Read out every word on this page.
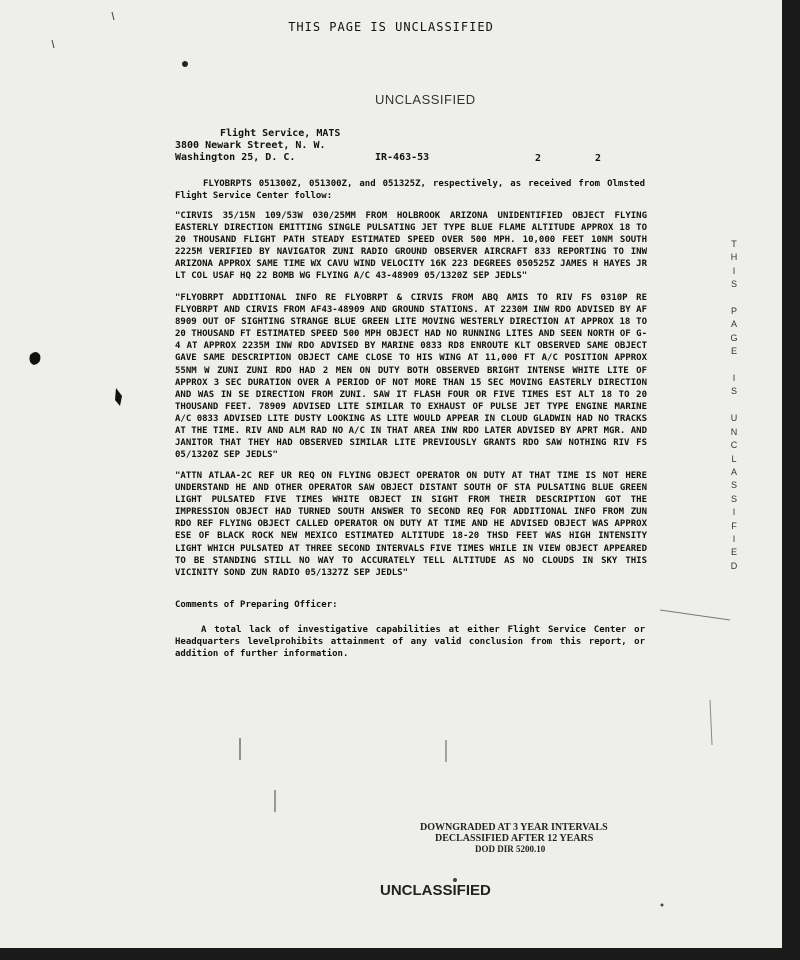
THIS PAGE IS UNCLASSIFIED
UNCLASSIFIED
Flight Service, MATS
3800 Newark Street, N. W.
Washington 25, D. C.	IR-463-53	2	2
FLYOBRPTS 051300Z, 051300Z, and 051325Z, respectively, as received from Olmsted Flight Service Center follow:
"CIRVIS 35/15N 109/53W 030/25MM FROM HOLBROOK ARIZONA UNIDENTIFIED OBJECT FLYING EASTERLY DIRECTION EMITTING SINGLE PULSATING JET TYPE BLUE FLAME ALTITUDE APPROX 18 TO 20 THOUSAND FLIGHT PATH STEADY ESTIMATED SPEED OVER 500 MPH. 10,000 FEET 10NM SOUTH 2225M VERIFIED BY NAVIGATOR ZUNI RADIO GROUND OBSERVER AIRCRAFT 833 REPORTING TO INW ARIZONA APPROX SAME TIME WX CAVU WIND VELOCITY 16K 223 DEGREES 050525Z JAMES H HAYES JR LT COL USAF HQ 22 BOMB WG FLYING A/C 43-48909 05/1320Z SEP JEDLS"
"FLYOBRPT ADDITIONAL INFO RE FLYOBRPT & CIRVIS FROM ABQ AMIS TO RIV FS 0310P RE FLYOBRPT AND CIRVIS FROM AF43-48909 AND GROUND STATIONS. AT 2230M INW RDO ADVISED BY AF 8909 OUT OF SIGHTING STRANGE BLUE GREEN LITE MOVING WESTERLY DIRECTION AT APPROX 18 TO 20 THOUSAND FT ESTIMATED SPEED 500 MPH OBJECT HAD NO RUNNING LITES AND SEEN NORTH OF G-4 AT APPROX 2235M INW RDO ADVISED BY MARINE 0833 RD8 ENROUTE KLT OBSERVED SAME OBJECT GAVE SAME DESCRIPTION OBJECT CAME CLOSE TO HIS WING AT 11,000 FT A/C POSITION APPROX 55NM W ZUNI ZUNI RDO HAD 2 MEN ON DUTY BOTH OBSERVED BRIGHT INTENSE WHITE LITE OF APPROX 3 SEC DURATION OVER A PERIOD OF NOT MORE THAN 15 SEC MOVING EASTERLY DIRECTION AND WAS IN SE DIRECTION FROM ZUNI. SAW IT FLASH FOUR OR FIVE TIMES EST ALT 18 TO 20 THOUSAND FEET. 78909 ADVISED LITE SIMILAR TO EXHAUST OF PULSE JET TYPE ENGINE MARINE A/C 0833 ADVISED LITE DUSTY LOOKING AS LITE WOULD APPEAR IN CLOUD GLADWIN HAD NO TRACKS AT THE TIME. RIV AND ALM RAD NO A/C IN THAT AREA INW RDO LATER ADVISED BY APRT MGR. AND JANITOR THAT THEY HAD OBSERVED SIMILAR LITE PREVIOUSLY GRANTS RDO SAW NOTHING RIV FS 05/1320Z SEP JEDLS"
"ATTN ATLAA-2C REF UR REQ ON FLYING OBJECT OPERATOR ON DUTY AT THAT TIME IS NOT HERE UNDERSTAND HE AND OTHER OPERATOR SAW OBJECT DISTANT SOUTH OF STA PULSATING BLUE GREEN LIGHT PULSATED FIVE TIMES WHITE OBJECT IN SIGHT FROM THEIR DESCRIPTION GOT THE IMPRESSION OBJECT HAD TURNED SOUTH ANSWER TO SECOND REQ FOR ADDITIONAL INFO FROM ZUN RDO REF FLYING OBJECT CALLED OPERATOR ON DUTY AT TIME AND HE ADVISED OBJECT WAS APPROX ESE OF BLACK ROCK NEW MEXICO ESTIMATED ALTITUDE 18-20 THSD FEET WAS HIGH INTENSITY LIGHT WHICH PULSATED AT THREE SECOND INTERVALS FIVE TIMES WHILE IN VIEW OBJECT APPEARED TO BE STANDING STILL NO WAY TO ACCURATELY TELL ALTITUDE AS NO CLOUDS IN SKY THIS VICINITY SOND ZUN RADIO 05/1327Z SEP JEDLS"
Comments of Preparing Officer:
A total lack of investigative capabilities at either Flight Service Center or Headquarters levelprohibits attainment of any valid conclusion from this report, or addition of further information.
T
H
I
S

P
A
G
E

I
S

U
N
C
L
A
S
S
I
F
I
E
D
DOWNGRADED AT 3 YEAR INTERVALS
DECLASSIFIED AFTER 12 YEARS
DOD DIR 5200.10
UNCLASSIFIED
